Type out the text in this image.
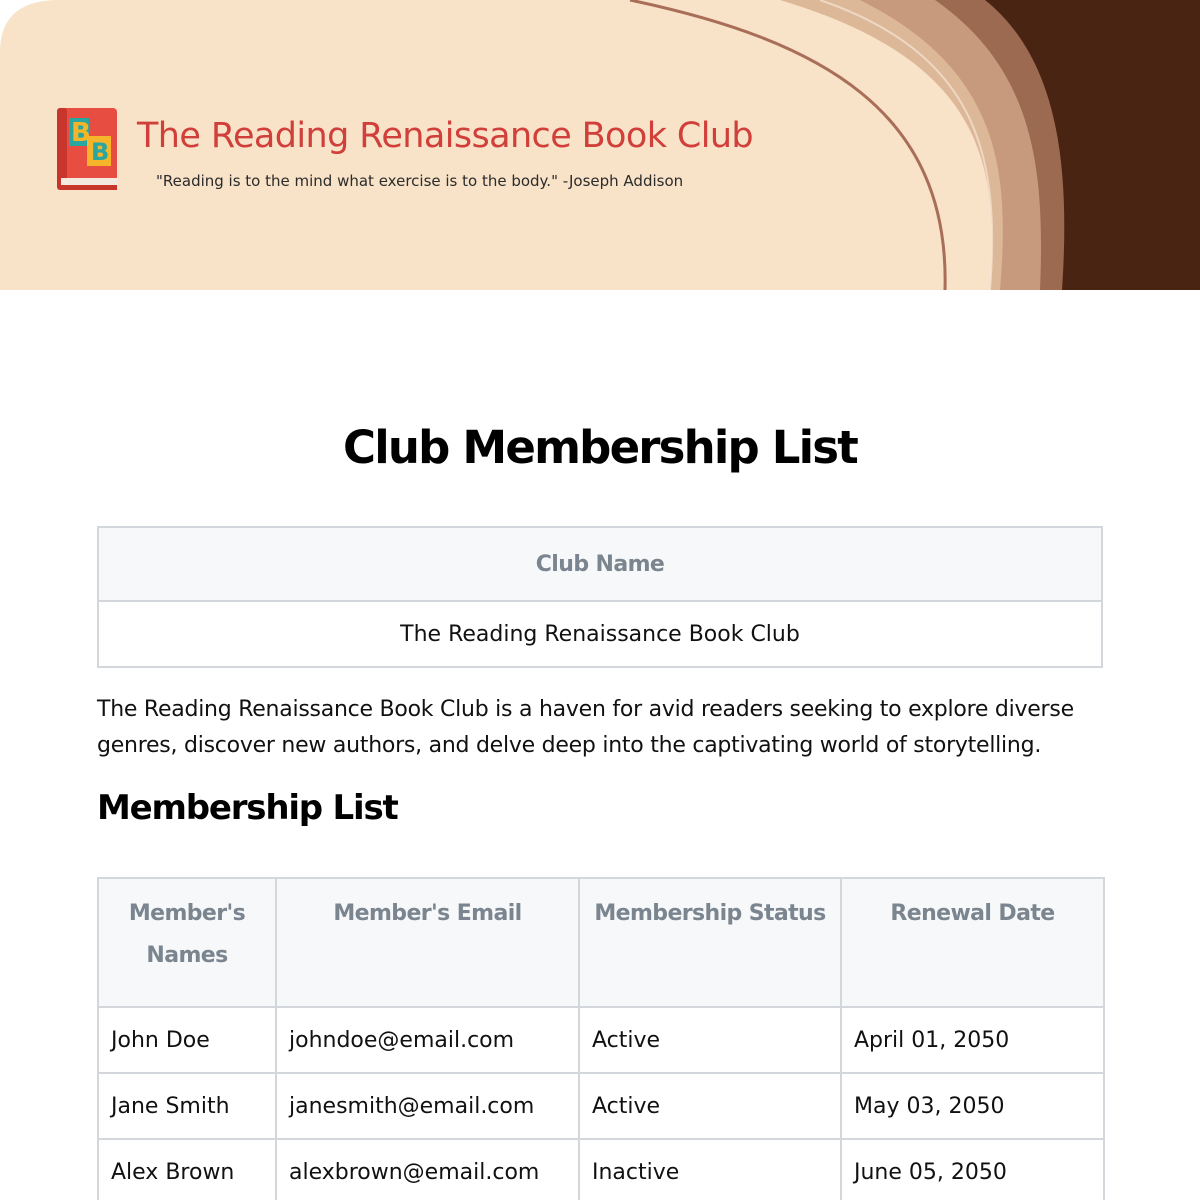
B
B The Reading Renaissance Book Club

"Reading is to the mind what exercise is to the body." -Joseph Addison

Club Membership List
Club Name
The Reading Renaissance Book Club

The Reading Renaissance Book Club is a haven for avid readers seeking to explore diverse genres, discover new authors, and delve deep into the captivating world of storytelling.

Membership List
Member's Names	Member's Email	Membership Status	Renewal Date
John Doe	johndoe@email.com	Active	April 01, 2050
Jane Smith	janesmith@email.com	Active	May 03, 2050
Alex Brown	alexbrown@email.com	Inactive	June 05, 2050
